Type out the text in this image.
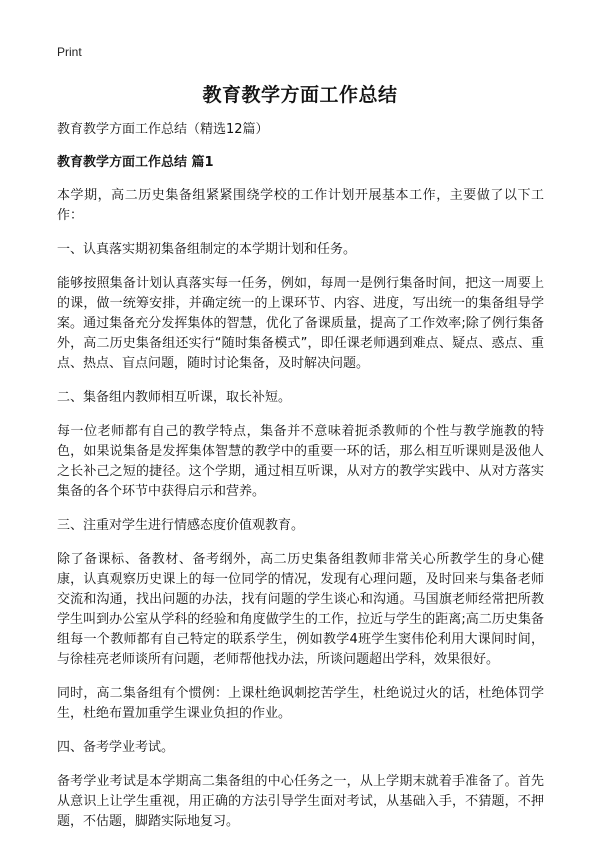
Print
教育教学方面工作总结

教育教学方面工作总结（精选12篇）

教育教学方面工作总结 篇1

本学期，高二历史集备组紧紧围绕学校的工作计划开展基本工作，主要做了以下工作：

一、认真落实期初集备组制定的本学期计划和任务。

能够按照集备计划认真落实每一任务，例如，每周一是例行集备时间，把这一周要上的课，做一统筹安排，并确定统一的上课环节、内容、进度，写出统一的集备组导学案。通过集备充分发挥集体的智慧，优化了备课质量，提高了工作效率;除了例行集备外，高二历史集备组还实行“随时集备模式”，即任课老师遇到难点、疑点、惑点、重点、热点、盲点问题，随时讨论集备，及时解决问题。

二、集备组内教师相互听课，取长补短。

每一位老师都有自己的教学特点，集备并不意味着扼杀教师的个性与教学施教的特色，如果说集备是发挥集体智慧的教学中的重要一环的话，那么相互听课则是汲他人之长补己之短的捷径。这个学期，通过相互听课，从对方的教学实践中、从对方落实集备的各个环节中获得启示和营养。

三、注重对学生进行情感态度价值观教育。

除了备课标、备教材、备考纲外，高二历史集备组教师非常关心所教学生的身心健康，认真观察历史课上的每一位同学的情况，发现有心理问题，及时回来与集备老师交流和沟通，找出问题的办法，找有问题的学生谈心和沟通。马国旗老师经常把所教学生叫到办公室从学科的经验和角度做学生的工作，拉近与学生的距离;高二历史集备组每一个教师都有自己特定的联系学生，例如教学4班学生窦伟伦利用大课间时间，与徐桂亮老师谈所有问题，老师帮他找办法，所谈问题超出学科，效果很好。

同时，高二集备组有个惯例：上课杜绝讽刺挖苦学生，杜绝说过火的话，杜绝体罚学生，杜绝布置加重学生课业负担的作业。

四、备考学业考试。

备考学业考试是本学期高二集备组的中心任务之一，从上学期末就着手准备了。首先从意识上让学生重视，用正确的方法引导学生面对考试，从基础入手，不猜题，不押题，不估题，脚踏实际地复习。
